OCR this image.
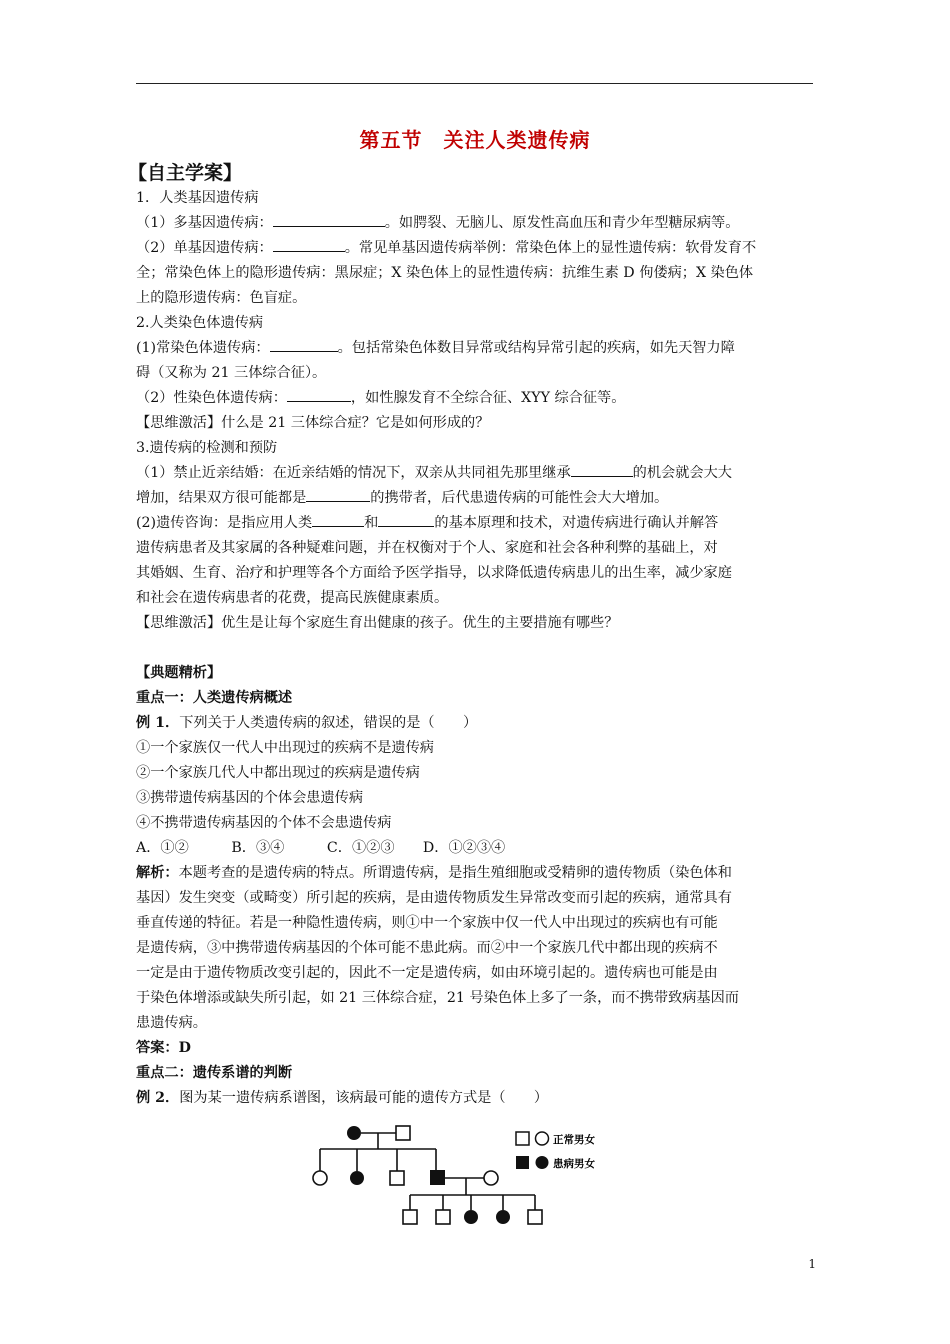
第五节　关注人类遗传病
【自主学案】
1．人类基因遗传病
（1）多基因遗传病：	。如腭裂、无脑儿、原发性高血压和青少年型糖尿病等。
（2）单基因遗传病：	。常见单基因遗传病举例：常染色体上的显性遗传病：软骨发育不
全；常染色体上的隐形遗传病：黑尿症；X 染色体上的显性遗传病：抗维生素 D 佝偻病；X 染色体
上的隐形遗传病：色盲症。
2.人类染色体遗传病
(1)常染色体遗传病：	。包括常染色体数目异常或结构异常引起的疾病，如先天智力障
碍（又称为 21 三体综合征）。
（2）性染色体遗传病：	，如性腺发育不全综合征、XYY 综合征等。
【思维激活】什么是 21 三体综合症？它是如何形成的？
3.遗传病的检测和预防
（1）禁止近亲结婚：在近亲结婚的情况下，双亲从共同祖先那里继承	的机会就会大大
增加，结果双方很可能都是	的携带者，后代患遗传病的可能性会大大增加。
(2)遗传咨询：是指应用人类	和	的基本原理和技术，对遗传病进行确认并解答
遗传病患者及其家属的各种疑难问题，并在权衡对于个人、家庭和社会各种利弊的基础上，对
其婚姻、生育、治疗和护理等各个方面给予医学指导，以求降低遗传病患儿的出生率，减少家庭
和社会在遗传病患者的花费，提高民族健康素质。
【思维激活】优生是让每个家庭生育出健康的孩子。优生的主要措施有哪些？
【典题精析】
重点一：人类遗传病概述
例 1．下列关于人类遗传病的叙述，错误的是（　　）
①一个家族仅一代人中出现过的疾病不是遗传病
②一个家族几代人中都出现过的疾病是遗传病
③携带遗传病基因的个体会患遗传病
④不携带遗传病基因的个体不会患遗传病
A．①②　　　B．③④　　　C．①②③　　D．①②③④
解析：本题考查的是遗传病的特点。所谓遗传病，是指生殖细胞或受精卵的遗传物质（染色体和
基因）发生突变（或畸变）所引起的疾病，是由遗传物质发生异常改变而引起的疾病，通常具有
垂直传递的特征。若是一种隐性遗传病，则①中一个家族中仅一代人中出现过的疾病也有可能
是遗传病，③中携带遗传病基因的个体可能不患此病。而②中一个家族几代中都出现的疾病不
一定是由于遗传物质改变引起的，因此不一定是遗传病，如由环境引起的。遗传病也可能是由
于染色体增添或缺失所引起，如 21 三体综合症，21 号染色体上多了一条，而不携带致病基因而
患遗传病。
答案：D
重点二：遗传系谱的判断
例 2．图为某一遗传病系谱图，该病最可能的遗传方式是（　　）
正常男女
患病男女
1
